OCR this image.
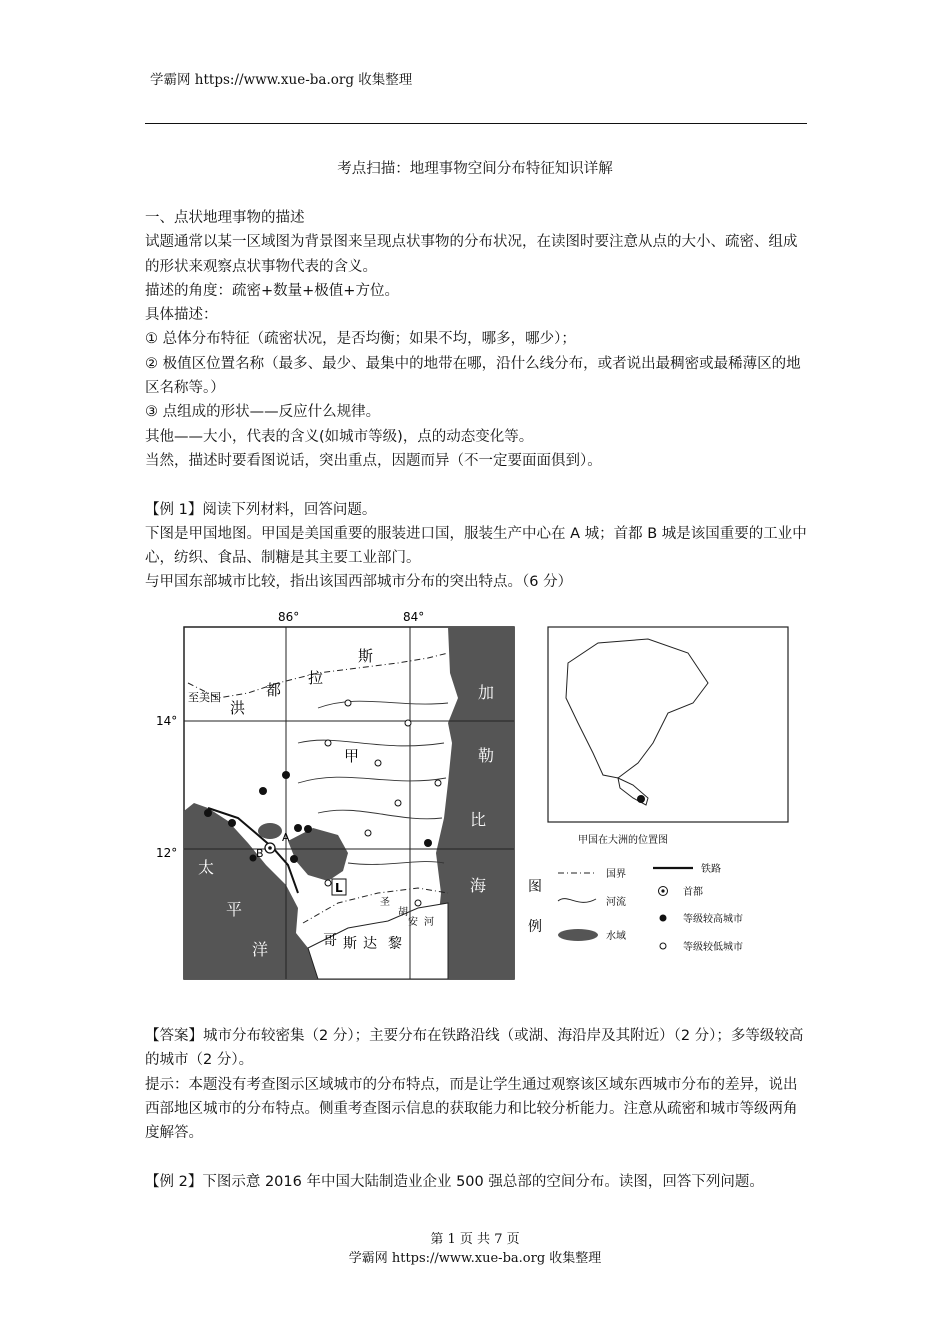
学霸网 https://www.xue-ba.org 收集整理
考点扫描：地理事物空间分布特征知识详解

一、点状地理事物的描述

试题通常以某一区域图为背景图来呈现点状事物的分布状况，在读图时要注意从点的大小、疏密、组成的形状来观察点状事物代表的含义。

描述的角度：疏密+数量+极值+方位。

具体描述：

① 总体分布特征（疏密状况，是否均衡；如果不均，哪多，哪少）；

② 极值区位置名称（最多、最少、最集中的地带在哪，沿什么线分布，或者说出最稠密或最稀薄区的地区名称等。）

③ 点组成的形状——反应什么规律。

其他——大小，代表的含义(如城市等级)，点的动态变化等。

当然，描述时要看图说话，突出重点，因题而异（不一定要面面俱到）。

【例 1】阅读下列材料，回答问题。

下图是甲国地图。甲国是美国重要的服装进口国，服装生产中心在 A 城；首都 B 城是该国重要的工业中心，纺织、食品、制糖是其主要工业部门。

与甲国东部城市比较，指出该国西部城市分布的突出特点。（6 分）

86°	84°
14°
12°
斯
拉
都
洪
至美国
甲
加
勒
比
海
太
平
洋	哥 斯 达 黎
加
圣
胡
安 河
L
A
B
甲国在大洲的位置图
图
例
国界	铁路
河流
首都
水域
等级较高城市
等级较低城市

【答案】城市分布较密集（2 分）；主要分布在铁路沿线（或湖、海沿岸及其附近）（2 分）；多等级较高的城市（2 分）。

提示：本题没有考查图示区域城市的分布特点，而是让学生通过观察该区域东西城市分布的差异，说出西部地区城市的分布特点。侧重考查图示信息的获取能力和比较分析能力。注意从疏密和城市等级两角度解答。

【例 2】下图示意 2016 年中国大陆制造业企业 500 强总部的空间分布。读图，回答下列问题。

第 1 页 共 7 页
学霸网 https://www.xue-ba.org 收集整理
